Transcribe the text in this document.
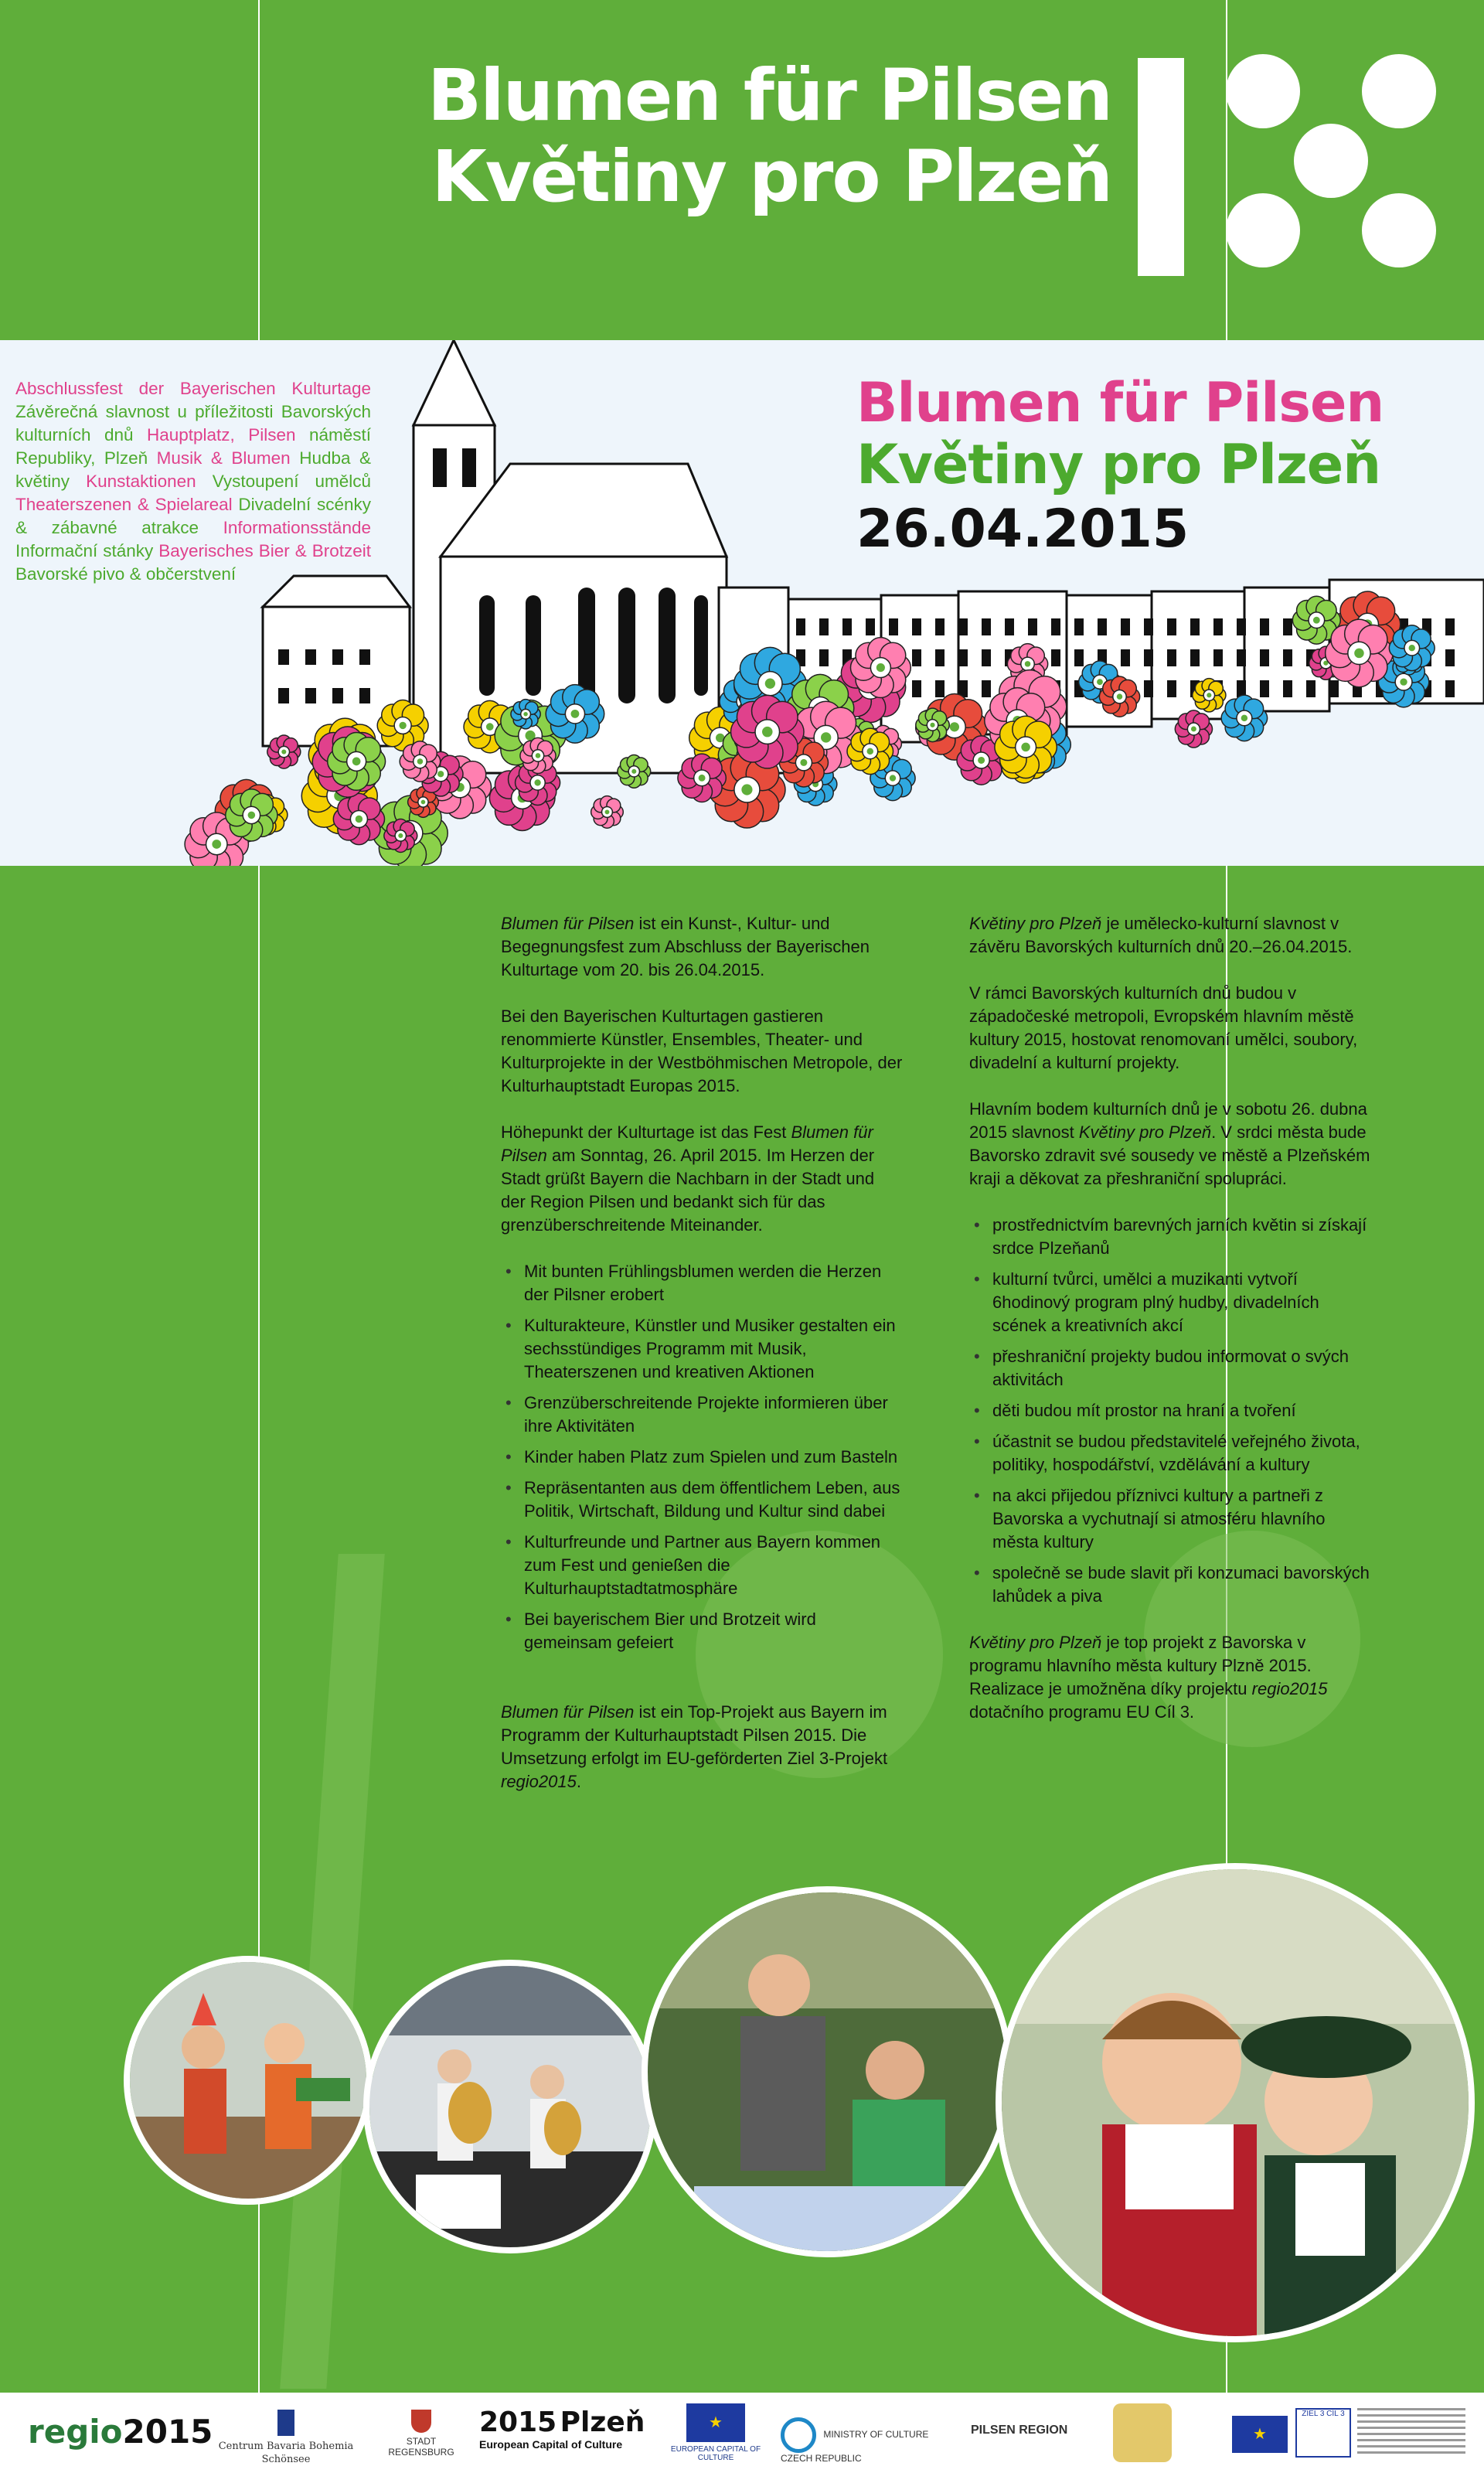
Blumen für Pilsen
Květiny pro Plzeň
Abschlussfest der Bayerischen Kulturtage Závěrečná slavnost u příležitosti Bavorských kulturních dnů Hauptplatz, Pilsen náměstí Republiky, Plzeň Musik & Blumen Hudba & květiny Kunstaktionen Vystoupení umělců Theaterszenen & Spielareal Divadelní scénky & zábavné atrakce Informationsstände Informační stánky Bayerisches Bier & Brotzeit Bavorské pivo & občerstvení
Blumen für Pilsen
Květiny pro Plzeň
26.04.2015

Blumen für Pilsen ist ein Kunst-, Kultur- und Begegnungsfest zum Abschluss der Bayerischen Kulturtage vom 20. bis 26.04.2015.

Bei den Bayerischen Kulturtagen gastieren renommierte Künstler, Ensembles, Theater- und Kulturprojekte in der Westböhmischen Metropole, der Kulturhauptstadt Europas 2015.

Höhepunkt der Kulturtage ist das Fest Blumen für Pilsen am Sonntag, 26. April 2015. Im Herzen der Stadt grüßt Bayern die Nachbarn in der Stadt und der Region Pilsen und bedankt sich für das grenzüberschreitende Miteinander.

• Mit bunten Frühlingsblumen werden die Herzen der Pilsner erobert
• Kulturakteure, Künstler und Musiker gestalten ein sechsstündiges Programm mit Musik, Theaterszenen und kreativen Aktionen
• Grenzüberschreitende Projekte informieren über ihre Aktivitäten
• Kinder haben Platz zum Spielen und zum Basteln
• Repräsentanten aus dem öffentlichem Leben, aus Politik, Wirtschaft, Bildung und Kultur sind dabei
• Kulturfreunde und Partner aus Bayern kommen zum Fest und genießen die Kulturhauptstadtatmosphäre
• Bei bayerischem Bier und Brotzeit wird gemeinsam gefeiert

Blumen für Pilsen ist ein Top-Projekt aus Bayern im Programm der Kulturhauptstadt Pilsen 2015. Die Umsetzung erfolgt im EU-geförderten Ziel 3-Projekt regio2015.

Květiny pro Plzeň je umělecko-kulturní slavnost v závěru Bavorských kulturních dnů 20.–26.04.2015.

V rámci Bavorských kulturních dnů budou v západočeské metropoli, Evropském hlavním městě kultury 2015, hostovat renomovaní umělci, soubory, divadelní a kulturní projekty.

Hlavním bodem kulturních dnů je v sobotu 26. dubna 2015 slavnost Květiny pro Plzeň. V srdci města bude Bavorsko zdravit své sousedy ve městě a Plzeňském kraji a děkovat za přeshraniční spolupráci.

• prostřednictvím barevných jarních květin si získají srdce Plzeňanů
• kulturní tvůrci, umělci a muzikanti vytvoří 6hodinový program plný hudby, divadelních scének a kreativních akcí
• přeshraniční projekty budou informovat o svých aktivitách
• děti budou mít prostor na hraní a tvoření
• účastnit se budou představitelé veřejného života, politiky, hospodářství, vzdělávání a kultury
• na akci přijedou příznivci kultury a partneři z Bavorska a vychutnají si atmosféru hlavního města kultury
• společně se bude slavit při konzumaci bavorských lahůdek a piva

Květiny pro Plzeň je top projekt z Bavorska v programu hlavního města kultury Plzně 2015. Realizace je umožněna díky projektu regio2015 dotačního programu EU Cíl 3.

regio2015 Centrum Bavaria Bohemia Schönsee
STADT REGENSBURG
2015 Plzeň
European Capital of Culture
★
EUROPEAN CAPITAL OF CULTURE
MINISTRY OF CULTURE CZECH REPUBLIC
PILSEN REGION	★
ZIEL 3 CÍL 3
